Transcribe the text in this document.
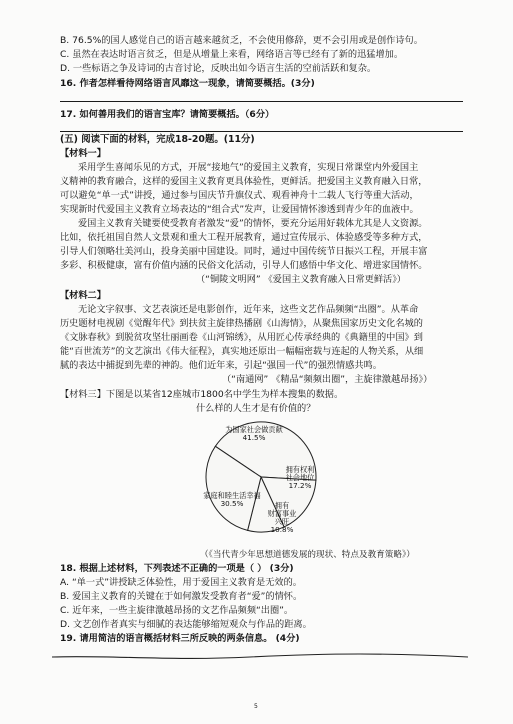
B. 76.5%的国人感觉自己的语言越来越贫乏，不会使用修辞，更不会引用或是创作诗句。
C. 虽然在表达时语言贫乏，但是从增量上来看，网络语言等已经有了新的迅猛增加。
D. 一些标语之争及诗词的古音讨论，反映出如今语言生活的空前活跃和复杂。
16. 作者怎样看待网络语言风靡这一现象，请简要概括。(3分)
17. 如何善用我们的语言宝库？请简要概括。（6分）
(五) 阅读下面的材料，完成18-20题。(11分)
【材料一】
采用学生喜闻乐见的方式，开展“接地气”的爱国主义教育，实现日常课堂内外爱国主
义精神的教育融合，这样的爱国主义教育更具体验性，更鲜活。把爱国主义教育融入日常，
可以避免“单一式”讲授，通过参与国庆节升旗仪式、观看神舟十二载人飞行等重大活动，
实现新时代爱国主义教育立场表达的“组合式”发声，让爱国情怀渗透到青少年的血液中。
爱国主义教育关键要使受教育者激发“爱”的情怀，要充分运用好载体尤其是人文资源。
比如，依托祖国自然人文景观和重大工程开展教育，通过宣传展示、体验感受等多种方式，
引导人们领略壮美河山，投身美丽中国建设。同时，通过中国传统节日振兴工程，开展丰富
多彩、积极健康，富有价值内涵的民俗文化活动，引导人们感悟中华文化、增进家国情怀。
（“铜陵文明网” 《爱国主义教育融入日常更鲜活》）
【材料二】
无论文字叙事、文艺表演还是电影创作，近年来，这些文艺作品频频“出圈”。从革命
历史题材电视剧《觉醒年代》到扶贫主旋律热播剧《山海情》，从聚焦国家历史文化名城的
《文脉春秋》到脱贫攻坚壮丽画卷《山河锦绣》，从用匠心传承经典的《典籍里的中国》到
能“百世流芳”的文艺演出《伟大征程》，真实地还原出一幅幅密载与连起的人物关系，从细
腻的表达中捕捉到先辈的神韵。他们近年来，引起“强国一代”的强烈情感共鸣。
（“南通网” 《精品“频频出圈”，主旋律激越昂扬》）
【材料三】下图是以某省12座城市1800名中学生为样本搜集的数据。
什么样的人生才是有价值的？
为国家社会做贡献
41.5%
拥有权利
社会地位
17.2%
拥有
财富事业
兴旺
10.8%
家庭和睦生活幸福
30.5%
（《当代青少年思想道德发展的现状、特点及教育策略》）
18. 根据上述材料，下列表述不正确的一项是（ ） (3分)
A. “单一式”讲授缺乏体验性，用于爱国主义教育是无效的。
B. 爱国主义教育的关键在于如何激发受教育者“爱”的情怀。
C. 近年来，一些主旋律激越昂扬的文艺作品频频“出圈”。
D. 文艺创作者真实与细腻的表达能够缩短观众与作品的距离。
19. 请用简洁的语言概括材料三所反映的两条信息。 (4分)
5
